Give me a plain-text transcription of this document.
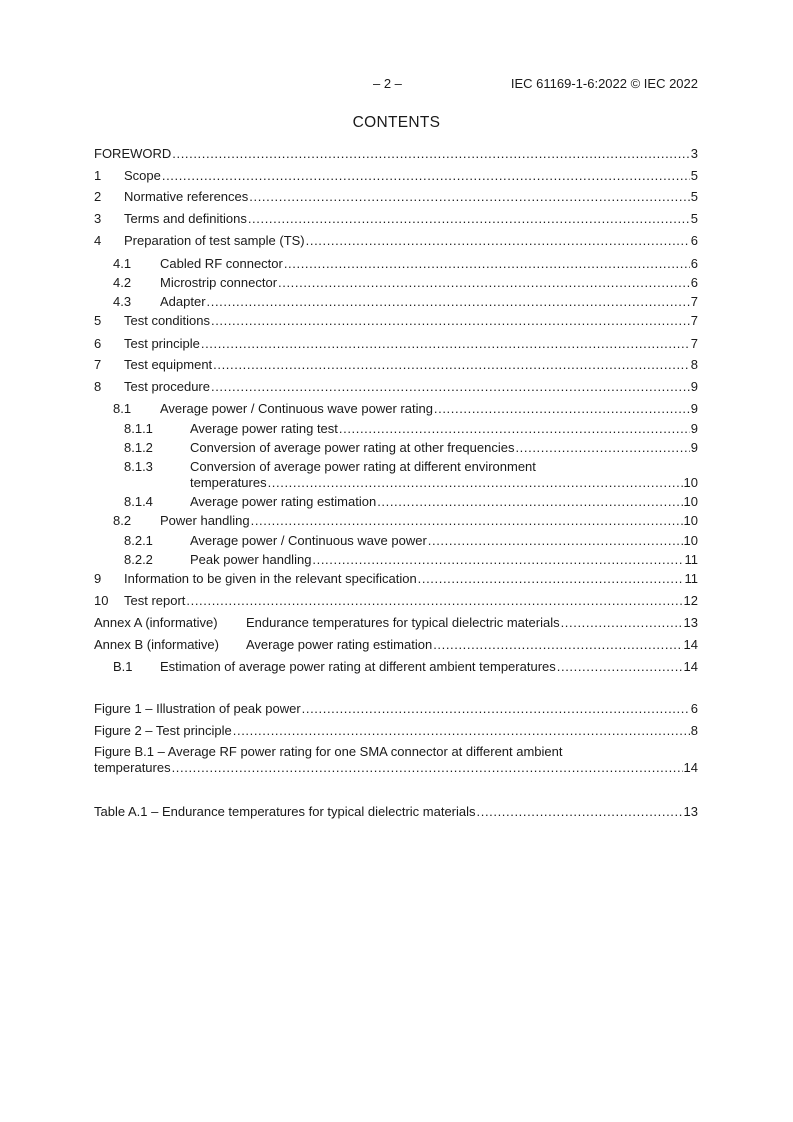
– 2 –	IEC 61169-1-6:2022 © IEC 2022
CONTENTS
FOREWORD .....	3
1	Scope .....	5
2	Normative references .....	5
3	Terms and definitions .....	5
4	Preparation of test sample (TS) .....	6
4.1	Cabled RF connector .....	6
4.2	Microstrip connector .....	6
4.3	Adapter .....	7
5	Test conditions .....	7
6	Test principle .....	7
7	Test equipment .....	8
8	Test procedure .....	9
8.1	Average power / Continuous wave power rating .....	9
8.1.1	Average power rating test .....	9
8.1.2	Conversion of average power rating at other frequencies .....	9
8.1.3	Conversion of average power rating at different environment
temperatures .....	10
8.1.4	Average power rating estimation .....	10
8.2	Power handling .....	10
8.2.1	Average power / Continuous wave power .....	10
8.2.2	Peak power handling .....	11
9	Information to be given in the relevant specification .....	11
10	Test report .....	12
Annex A (informative)	Endurance temperatures for typical dielectric materials .....	13
Annex B (informative)	Average power rating estimation .....	14
B.1	Estimation of average power rating at different ambient temperatures .....	14
Figure 1 – Illustration of peak power .....	6
Figure 2 – Test principle .....	8
Figure B.1 – Average RF power rating for one SMA connector at different ambient
temperatures .....	14
Table A.1 – Endurance temperatures for typical dielectric materials .....	13
